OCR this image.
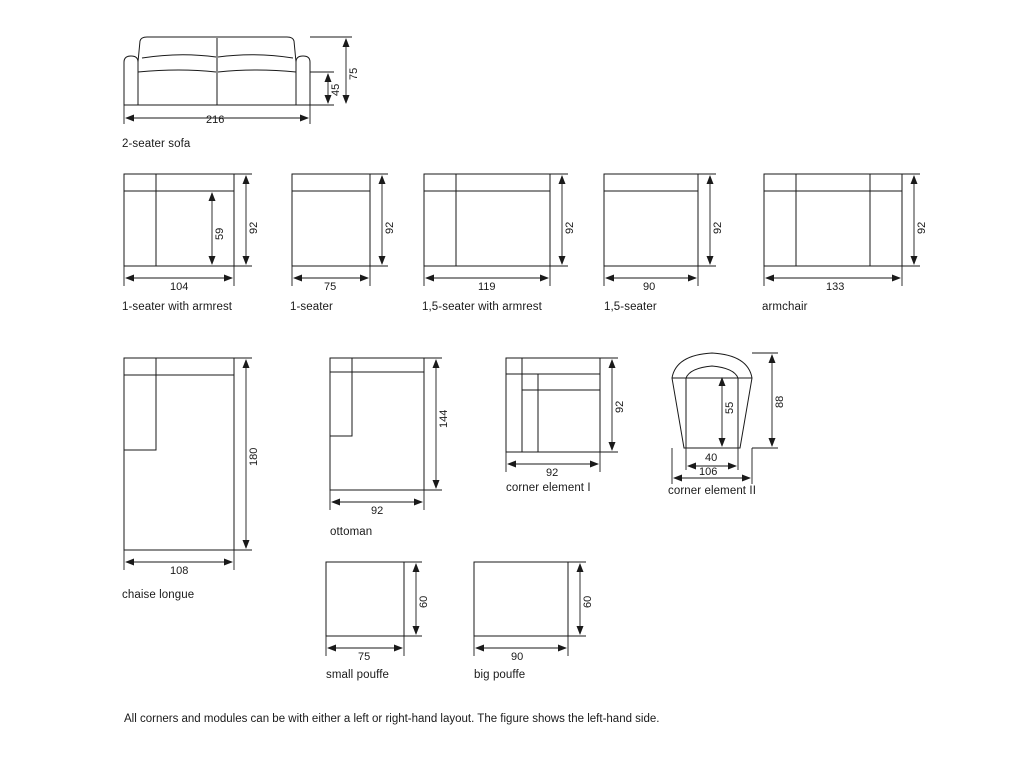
216
45
75
104
59 92
75
92
119
92
90
92
133
92
108
180
92
144
92
92
40
106
55	88
75
60
90
60
2-seater sofa
1-seater with armrest	1-seater	1,5-seater with armrest	1,5-seater	armchair
chaise longue
ottoman
corner element I	corner element II
small pouffe	big pouffe
All corners and modules can be with either a left or right-hand layout. The figure shows the left-hand side.
